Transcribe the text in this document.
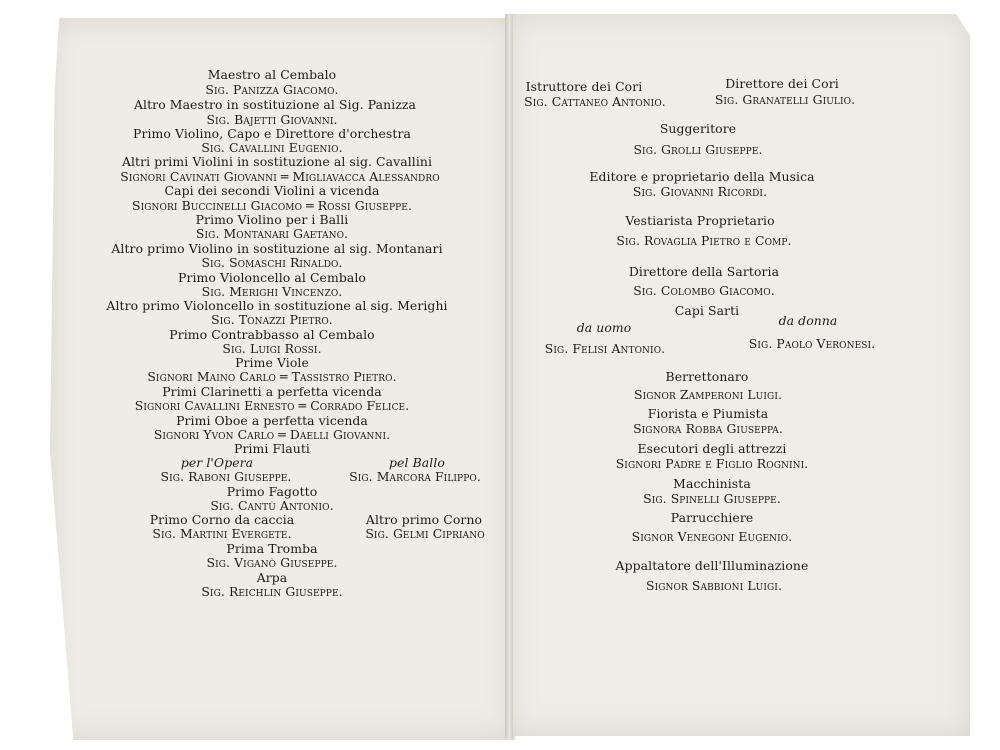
Maestro al Cembalo
Sig. Panizza Giacomo.
Altro Maestro in sostituzione al Sig. Panizza
Sig. Bajetti Giovanni.
Primo Violino, Capo e Direttore d'orchestra
Sig. Cavallini Eugenio.
Altri primi Violini in sostituzione al sig. Cavallini
Signori Cavinati Giovanni ═ Migliavacca Alessandro
Capi dei secondi Violini a vicenda
Signori Buccinelli Giacomo ═ Rossi Giuseppe.
Primo Violino per i Balli
Sig. Montanari Gaetano.
Altro primo Violino in sostituzione al sig. Montanari
Sig. Somaschi Rinaldo.
Primo Violoncello al Cembalo
Sig. Merighi Vincenzo.
Altro primo Violoncello in sostituzione al sig. Merighi
Sig. Tonazzi Pietro.
Primo Contrabbasso al Cembalo
Sig. Luigi Rossi.
Prime Viole
Signori Maino Carlo ═ Tassistro Pietro.
Primi Clarinetti a perfetta vicenda
Signori Cavallini Ernesto ═ Corrado Felice.
Primi Oboe a perfetta vicenda
Signori Yvon Carlo ═ Daelli Giovanni.
Primi Flauti
per l'Opera	pel Ballo
Sig. Raboni Giuseppe.	Sig. Marcora Filippo.
Primo Fagotto
Sig. Cantù Antonio.
Primo Corno da caccia	Altro primo Corno
Sig. Martini Evergete.	Sig. Gelmi Cipriano
Prima Tromba
Sig. Viganò Giuseppe.
Arpa
Sig. Reichlin Giuseppe.
Istruttore dei Cori	Direttore dei Cori
Sig. Cattaneo Antonio.	Sig. Granatelli Giulio.
Suggeritore
Sig. Grolli Giuseppe.
Editore e proprietario della Musica
Sig. Giovanni Ricordi.
Vestiarista Proprietario
Sig. Rovaglia Pietro e Comp.
Direttore della Sartoria
Sig. Colombo Giacomo.
Capi Sarti
da uomo	da donna
Sig. Felisi Antonio.	Sig. Paolo Veronesi.
Berrettonaro
Signor Zamperoni Luigi.
Fiorista e Piumista
Signora Robba Giuseppa.
Esecutori degli attrezzi
Signori Padre e Figlio Rognini.
Macchinista
Sig. Spinelli Giuseppe.
Parrucchiere
Signor Venegoni Eugenio.
Appaltatore dell'Illuminazione
Signor Sabbioni Luigi.
